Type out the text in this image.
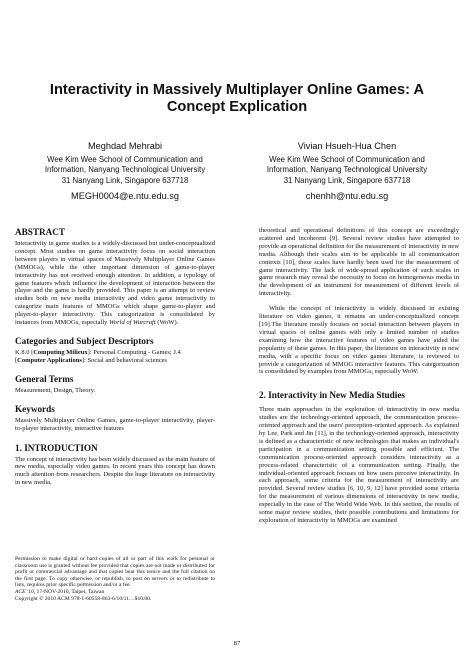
Interactivity in Massively Multiplayer Online Games: A
Concept Explication
Meghdad Mehrabi
Wee Kim Wee School of Communication and
Information, Nanyang Technological University
31 Nanyang Link, Singapore 637718
MEGH0004@e.ntu.edu.sg
Vivian Hsueh-Hua Chen
Wee Kim Wee School of Communication and
Information, Nanyang Technological University
31 Nanyang Link, Singapore 637718
chenhh@ntu.edu.sg
ABSTRACT

Interactivity in game studies is a widely-discussed but under-conceptualized concept. Most studies on game interactivity focus on social interaction between players in virtual spaces of Massively Multiplayer Online Games (MMOGs), while the other important dimension of game-to-player interactivity has not received enough attention. In addition, a typology of game features which influence the development of interaction between the player and the game is hardly provided. This paper is an attempt to review studies both on new media interactivity and video game interactivity to categorize main features of MMOGs which shape game-to-player and player-to-player interactivity. This categorization is consolidated by instances from MMOGs, especially World of Warcraft (WoW).

Categories and Subject Descriptors
K.8.0 [Computing Milieux]: Personal Computing - Games; J.4
[Computer Applications]: Social and behavioral sciences
General Terms
Measurement, Design, Theory.
Keywords
Massively Multiplayer Online Games, game-to-player interactivity, player-to-player interactivity, interactive features
1. INTRODUCTION

The concept of interactivity has been widely discussed as the main feature of new media, especially video games. In recent years this concept has drawn much attention from researchers. Despite the huge literature on interactivity in new media,

Permission to make digital or hard copies of all or part of this work for personal or classroom use is granted without fee provided that copies are not made or distributed for profit or commercial advantage and that copies bear this notice and the full citation on the first page. To copy otherwise, or republish, to post on servers or to redistribute to lists, requires prior specific permission and/or a fee.
ACE '10, 17-NOV-2010, Taipei, Taiwan
Copyright © 2010 ACM 978-1-60558-863-6/10/11…$10.00.

theoretical and operational definitions of this concept are exceedingly scattered and incoherent [9]. Several review studies have attempted to provide an operational definition for the measurement of interactivity in new media. Although their scales aim to be applicable in all communication contexts [10], these scales have hardly been used for the measurement of game interactivity. The lack of wide-spread application of such scales in game research may reveal the necessity to focus on homogeneous media in the development of an instrument for measurement of different levels of interactivity.

While the concept of interactivity is widely discussed in existing literature on video games, it remains an under-conceptualized concept [19].The literature mostly focuses on social interaction between players in virtual spaces of online games with only a limited number of studies examining how the interactive features of video games have aided the popularity of these games. In this paper, the literature on interactivity in new media, with a specific focus on video games literature, is reviewed to provide a categorization of MMOG interactive features. This categorization is consolidated by examples from MMOGs, especially WoW.

2. Interactivity in New Media Studies

Three main approaches in the exploration of interactivity in new media studies are the technology-oriented approach, the communication process-oriented approach and the users' perception-oriented approach. As explained by Lee, Park and Jin [11], in the technology-oriented approach, interactivity is defined as a characteristic of new technologies that makes an individual's participation in a communication setting possible and efficient. The communication process-oriented approach considers interactivity as a process-related characteristic of a communication setting. Finally, the individual-oriented approach focuses on how users perceive interactivity. In each approach, some criteria for the measurement of interactivity are provided. Several review studies [6, 10, 9, 12] have provided some criteria for the measurement of various dimensions of interactivity in new media, especially in the case of The World Wide Web. In this section, the results of some major review studies, their possible contributions and limitations for exploration of interactivity in MMOGs are examined

87
